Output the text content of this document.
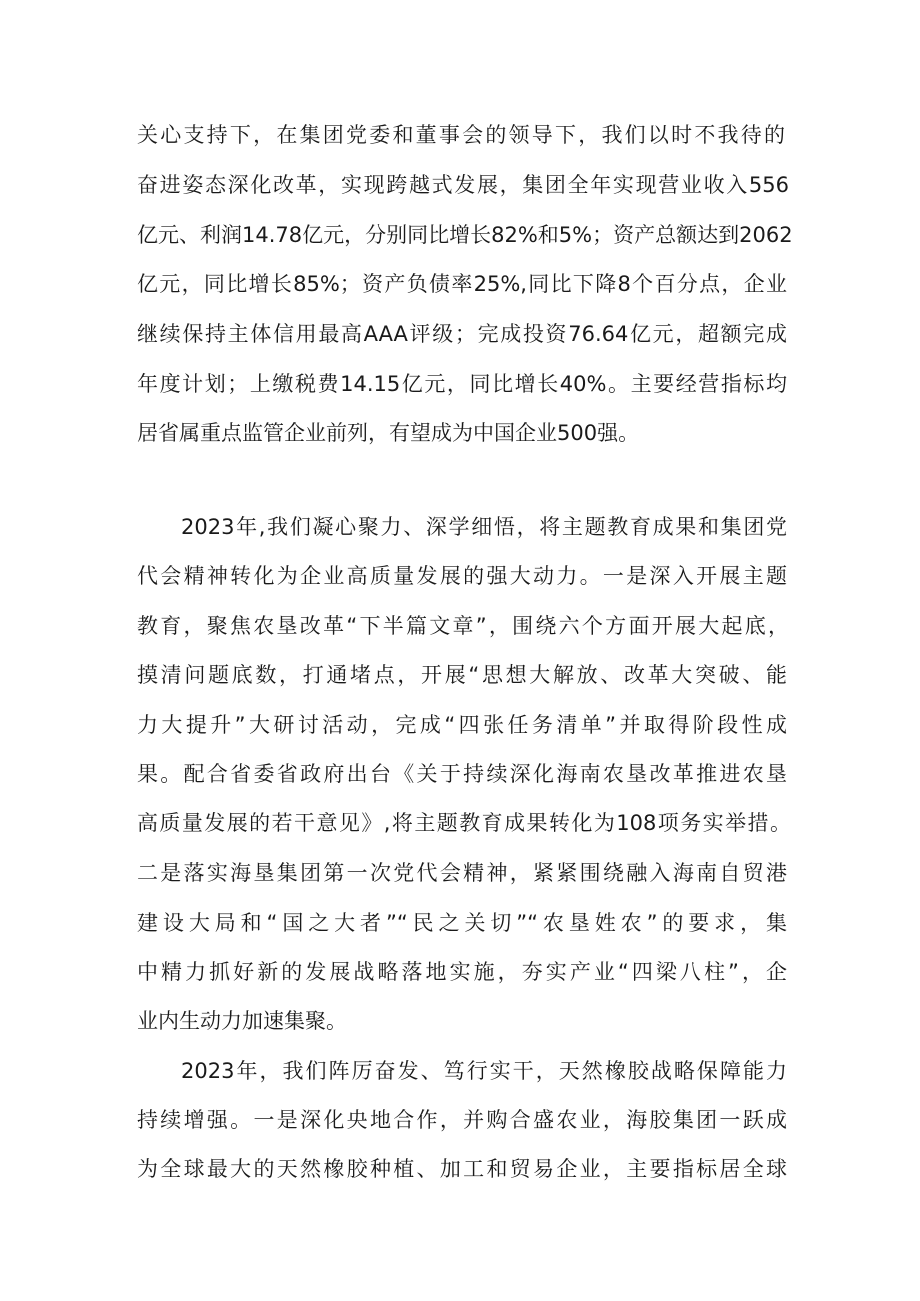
关心支持下，在集团党委和董事会的领导下，我们以时不我待的
奋进姿态深化改革，实现跨越式发展，集团全年实现营业收入556
亿元、利润14.78亿元，分别同比增长82%和5%；资产总额达到2062
亿元，同比增长85%；资产负债率25%,同比下降8个百分点，企业
继续保持主体信用最高AAA评级；完成投资76.64亿元，超额完成
年度计划；上缴税费14.15亿元，同比增长40%。主要经营指标均
居省属重点监管企业前列，有望成为中国企业500强。
2023年,我们凝心聚力、深学细悟，将主题教育成果和集团党
代会精神转化为企业高质量发展的强大动力。一是深入开展主题
教育，聚焦农垦改革“下半篇文章”，围绕六个方面开展大起底，
摸清问题底数，打通堵点，开展“思想大解放、改革大突破、能
力大提升”大研讨活动，完成“四张任务清单”并取得阶段性成
果。配合省委省政府出台《关于持续深化海南农垦改革推进农垦
高质量发展的若干意见》,将主题教育成果转化为108项务实举措。
二是落实海垦集团第一次党代会精神，紧紧围绕融入海南自贸港
建设大局和“国之大者”“民之关切”“农垦姓农”的要求，集
中精力抓好新的发展战略落地实施，夯实产业“四梁八柱”，企
业内生动力加速集聚。
2023年，我们阵厉奋发、笃行实干，天然橡胶战略保障能力
持续增强。一是深化央地合作，并购合盛农业，海胶集团一跃成
为全球最大的天然橡胶种植、加工和贸易企业，主要指标居全球
